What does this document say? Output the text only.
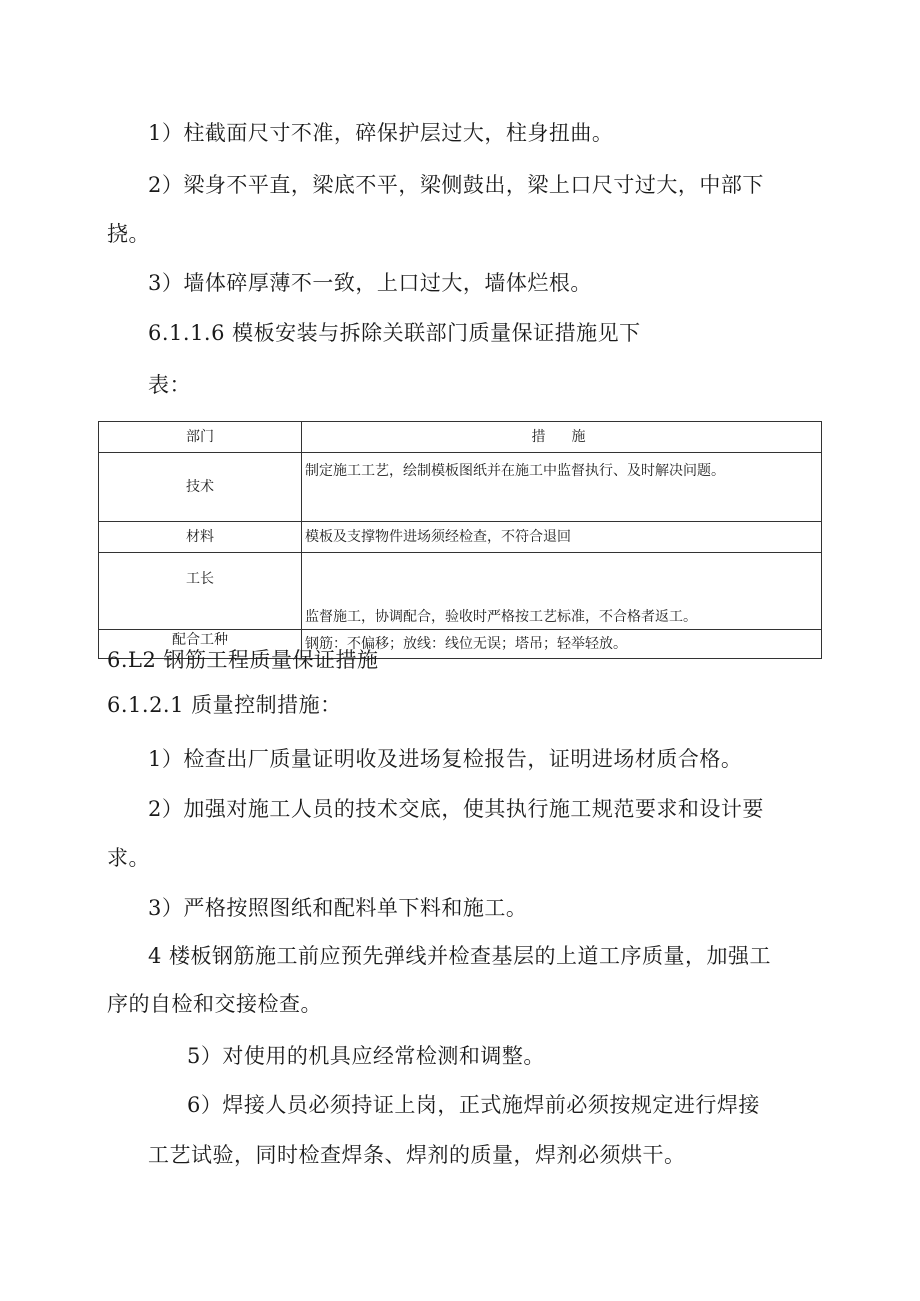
1）柱截面尺寸不准，碎保护层过大，柱身扭曲。
2）梁身不平直，梁底不平，梁侧鼓出，梁上口尺寸过大，中部下
挠。
3）墙体碎厚薄不一致，上口过大，墙体烂根。
6.1.1.6 模板安装与拆除关联部门质量保证措施见下
表：
部门	措　施
技术	制定施工工艺，绘制模板图纸并在施工中监督执行、及时解决问题。
材料	模板及支撑物件进场须经检查，不符合退回
工长	监督施工，协调配合，验收时严格按工艺标准，不合格者返工。
配合工种	钢筋：不偏移；放线：线位无误；塔吊；轻举轻放。
6.L2 钢筋工程质量保证措施
6.1.2.1 质量控制措施：
1）检查出厂质量证明收及进场复检报告，证明进场材质合格。
2）加强对施工人员的技术交底，使其执行施工规范要求和设计要
求。
3）严格按照图纸和配料单下料和施工。
4 楼板钢筋施工前应预先弹线并检查基层的上道工序质量，加强工
序的自检和交接检查。
5）对使用的机具应经常检测和调整。
6）焊接人员必须持证上岗，正式施焊前必须按规定进行焊接
工艺试验，同时检查焊条、焊剂的质量，焊剂必须烘干。
